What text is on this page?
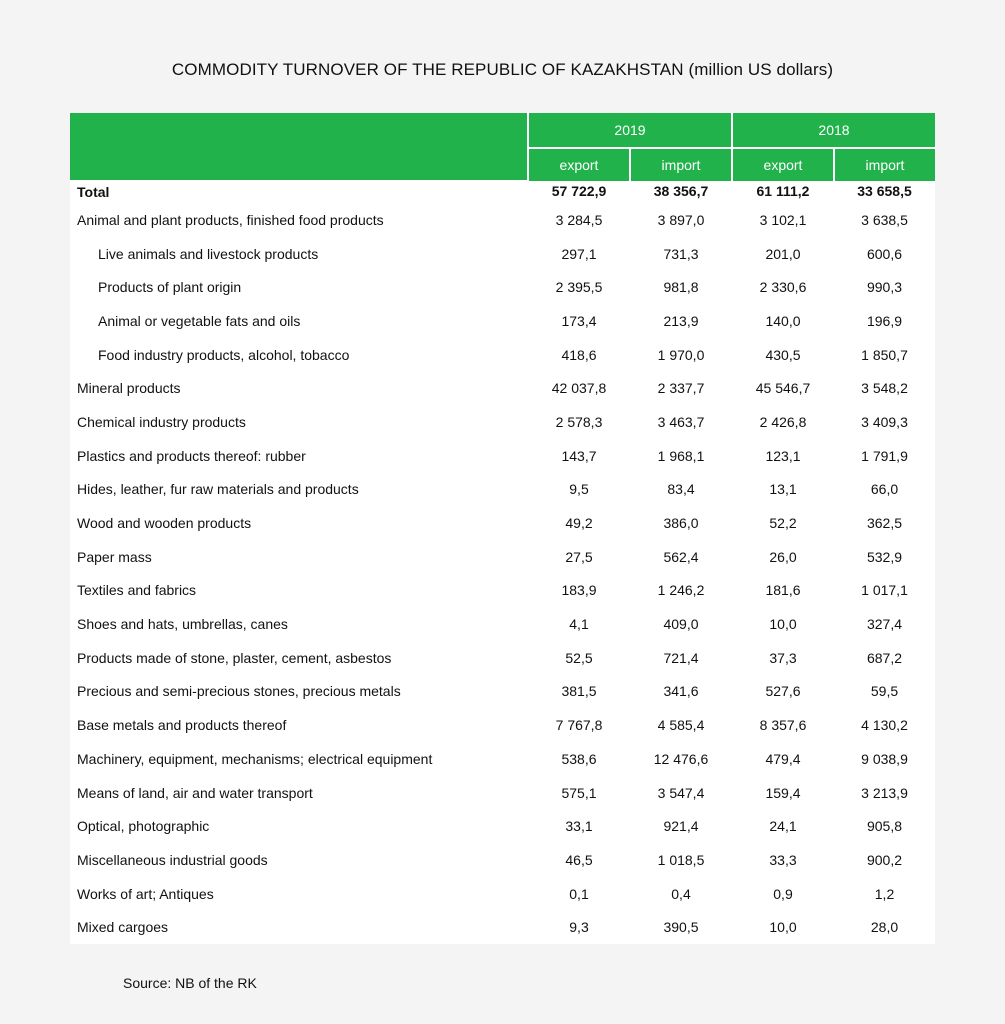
COMMODITY TURNOVER OF THE REPUBLIC OF KAZAKHSTAN (million US dollars)
	2019		2018	
	export	import	export	import
Total	57 722,9	38 356,7	61 111,2	33 658,5
Animal and plant products, finished food products	3 284,5	3 897,0	3 102,1	3 638,5
Live animals and livestock products	297,1	731,3	201,0	600,6
Products of plant origin	2 395,5	981,8	2 330,6	990,3
Animal or vegetable fats and oils	173,4	213,9	140,0	196,9
Food industry products, alcohol, tobacco	418,6	1 970,0	430,5	1 850,7
Mineral products	42 037,8	2 337,7	45 546,7	3 548,2
Chemical industry products	2 578,3	3 463,7	2 426,8	3 409,3
Plastics and products thereof: rubber	143,7	1 968,1	123,1	1 791,9
Hides, leather, fur raw materials and products	9,5	83,4	13,1	66,0
Wood and wooden products	49,2	386,0	52,2	362,5
Paper mass	27,5	562,4	26,0	532,9
Textiles and fabrics	183,9	1 246,2	181,6	1 017,1
Shoes and hats, umbrellas, canes	4,1	409,0	10,0	327,4
Products made of stone, plaster, cement, asbestos	52,5	721,4	37,3	687,2
Precious and semi-precious stones, precious metals	381,5	341,6	527,6	59,5
Base metals and products thereof	7 767,8	4 585,4	8 357,6	4 130,2
Machinery, equipment, mechanisms; electrical equipment	538,6	12 476,6	479,4	9 038,9
Means of land, air and water transport	575,1	3 547,4	159,4	3 213,9
Optical, photographic	33,1	921,4	24,1	905,8
Miscellaneous industrial goods	46,5	1 018,5	33,3	900,2
Works of art; Antiques	0,1	0,4	0,9	1,2
Mixed cargoes	9,3	390,5	10,0	28,0
Source: NB of the RK
